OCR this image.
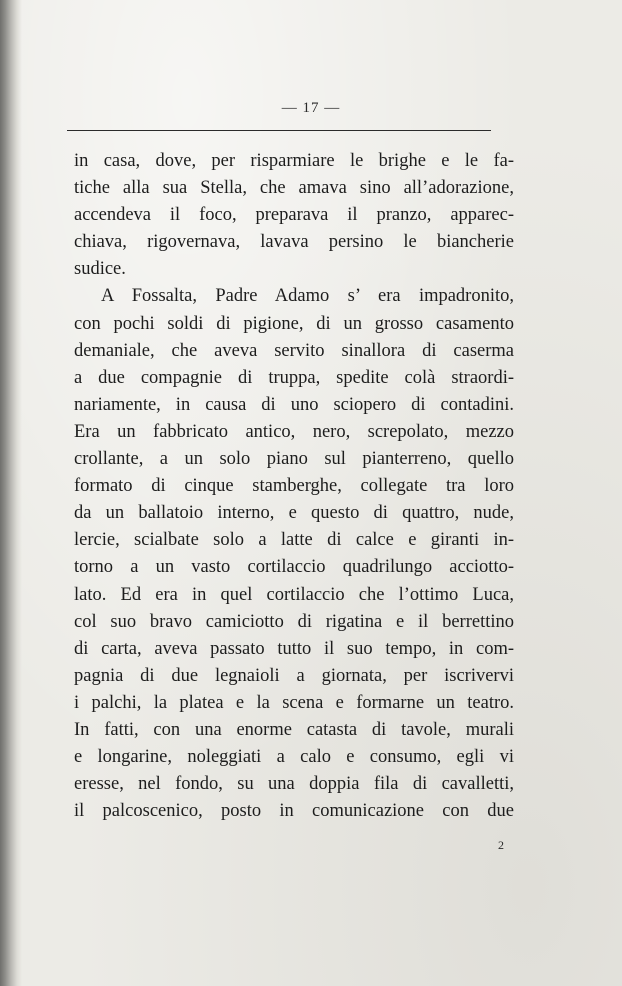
— 17 —
in casa, dove, per risparmiare le brighe e le fa-
tiche alla sua Stella, che amava sino all’adorazione,
accendeva il foco, preparava il pranzo, apparec-
chiava, rigovernava, lavava persino le biancherie
sudice.
A Fossalta, Padre Adamo s’ era impadronito,
con pochi soldi di pigione, di un grosso casamento
demaniale, che aveva servito sinallora di caserma
a due compagnie di truppa, spedite colà straordi-
nariamente, in causa di uno sciopero di contadini.
Era un fabbricato antico, nero, screpolato, mezzo
crollante, a un solo piano sul pianterreno, quello
formato di cinque stamberghe, collegate tra loro
da un ballatoio interno, e questo di quattro, nude,
lercie, scialbate solo a latte di calce e giranti in-
torno a un vasto cortilaccio quadrilungo acciotto-
lato. Ed era in quel cortilaccio che l’ottimo Luca,
col suo bravo camiciotto di rigatina e il berrettino
di carta, aveva passato tutto il suo tempo, in com-
pagnia di due legnaioli a giornata, per iscrivervi
i palchi, la platea e la scena e formarne un teatro.
In fatti, con una enorme catasta di tavole, murali
e longarine, noleggiati a calo e consumo, egli vi
eresse, nel fondo, su una doppia fila di cavalletti,
il palcoscenico, posto in comunicazione con due
2
